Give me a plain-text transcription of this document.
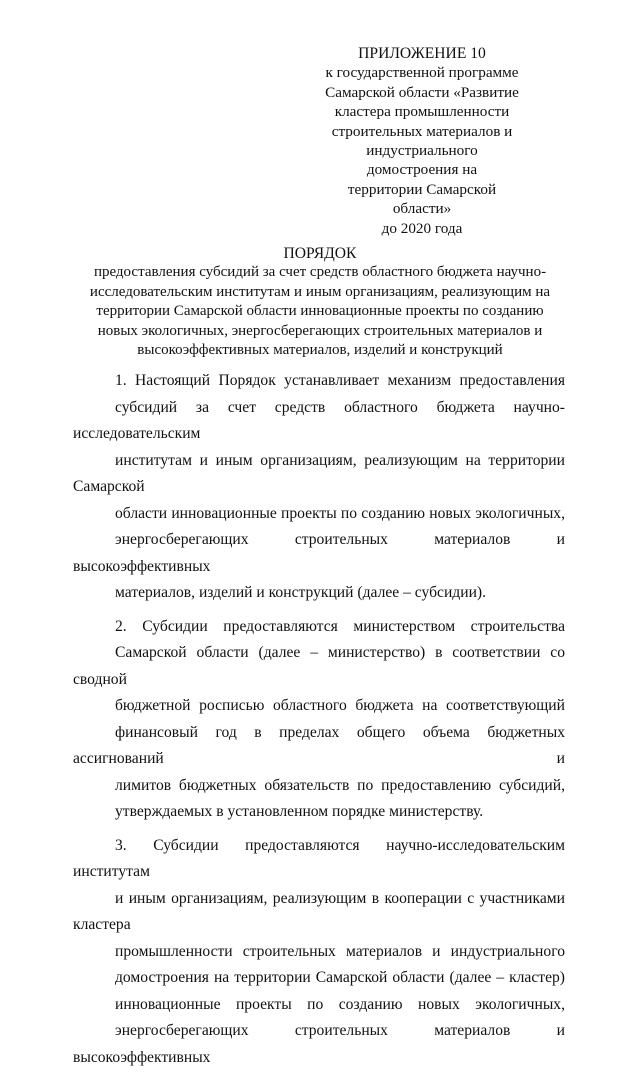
ПРИЛОЖЕНИЕ 10
к государственной программе
Самарской области «Развитие
кластера промышленности
строительных материалов и
индустриального домостроения на
территории Самарской области»
до 2020 года
ПОРЯДОК
предоставления субсидий за счет средств областного бюджета научно-
исследовательским институтам и иным организациям, реализующим на
территории Самарской области инновационные проекты по созданию
новых экологичных, энергосберегающих строительных материалов и
высокоэффективных материалов, изделий и конструкций

1. Настоящий Порядок устанавливает механизм предоставления
субсидий за счет средств областного бюджета научно-исследовательским
институтам и иным организациям, реализующим на территории Самарской
области инновационные проекты по созданию новых экологичных,
энергосберегающих строительных материалов и высокоэффективных
материалов, изделий и конструкций (далее – субсидии).

2. Субсидии предоставляются министерством строительства
Самарской области (далее – министерство) в соответствии со сводной
бюджетной росписью областного бюджета на соответствующий
финансовый год в пределах общего объема бюджетных ассигнований и
лимитов бюджетных обязательств по предоставлению субсидий,
утверждаемых в установленном порядке министерству.

3. Субсидии предоставляются научно-исследовательским институтам
и иным организациям, реализующим в кооперации с участниками кластера
промышленности строительных материалов и индустриального
домостроения на территории Самарской области (далее – кластер)
инновационные проекты по созданию новых экологичных,
энергосберегающих строительных материалов и высокоэффективных
